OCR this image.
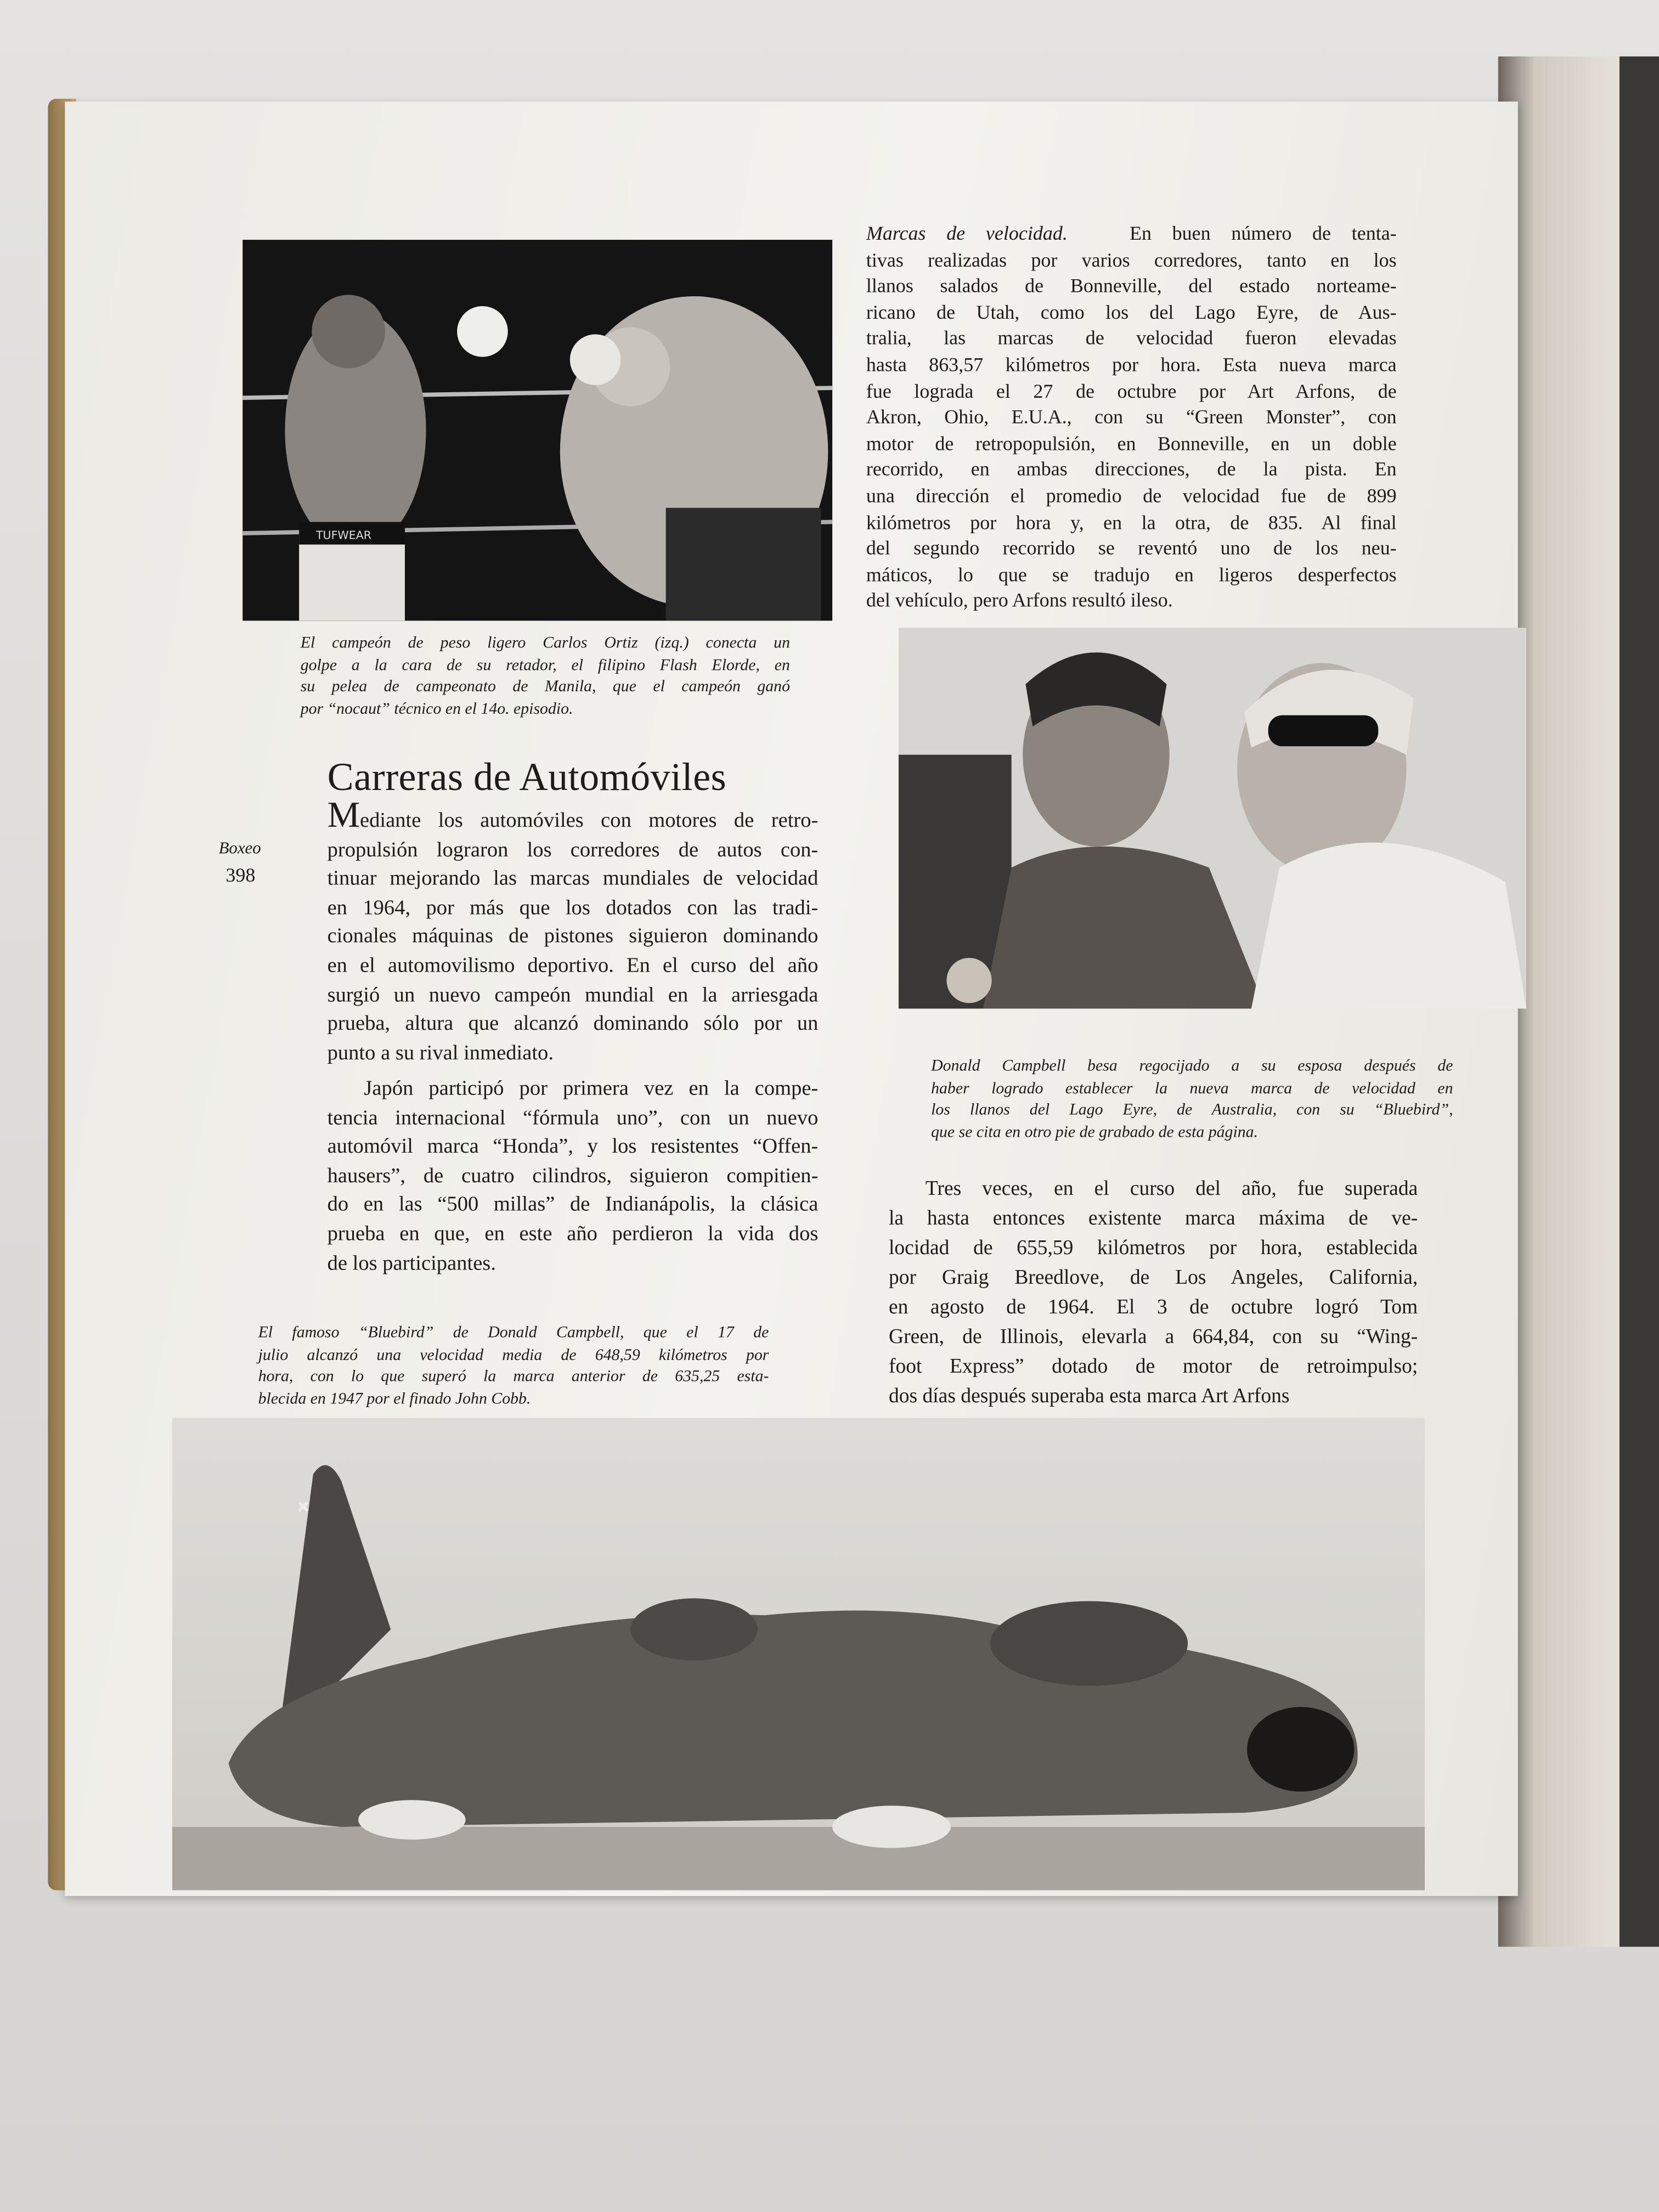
TUFWEAR
El campeón de peso ligero Carlos Ortiz (izq.) conecta un
golpe a la cara de su retador, el filipino Flash Elorde, en
su pelea de campeonato de Manila, que el campeón ganó
por “nocaut” técnico en el 14o. episodio.
Boxeo
398
Carreras de Automóviles
Mediante los automóviles con motores de retro-
propulsión lograron los corredores de autos con-
tinuar mejorando las marcas mundiales de velocidad
en 1964, por más que los dotados con las tradi-
cionales máquinas de pistones siguieron dominando
en el automovilismo deportivo. En el curso del año
surgió un nuevo campeón mundial en la arriesgada
prueba, altura que alcanzó dominando sólo por un
punto a su rival inmediato.
Japón participó por primera vez en la compe-
tencia internacional “fórmula uno”, con un nuevo
automóvil marca “Honda”, y los resistentes “Offen-
hausers”, de cuatro cilindros, siguieron compitien-
do en las “500 millas” de Indianápolis, la clásica
prueba en que, en este año perdieron la vida dos
de los participantes.
El famoso “Bluebird” de Donald Campbell, que el 17 de
julio alcanzó una velocidad media de 648,59 kilómetros por
hora, con lo que superó la marca anterior de 635,25 esta-
blecida en 1947 por el finado John Cobb.
Marcas de velocidad.	En buen número de tenta-
tivas realizadas por varios corredores, tanto en los
llanos salados de Bonneville, del estado norteame-
ricano de Utah, como los del Lago Eyre, de Aus-
tralia, las marcas de velocidad fueron elevadas
hasta 863,57 kilómetros por hora. Esta nueva marca
fue lograda el 27 de octubre por Art Arfons, de
Akron, Ohio, E.U.A., con su “Green Monster”, con
motor de retropopulsión, en Bonneville, en un doble
recorrido, en ambas direcciones, de la pista. En
una dirección el promedio de velocidad fue de 899
kilómetros por hora y, en la otra, de 835. Al final
del segundo recorrido se reventó uno de los neu-
máticos, lo que se tradujo en ligeros desperfectos
del vehículo, pero Arfons resultó ileso.
Donald Campbell besa regocijado a su esposa después de
haber logrado establecer la nueva marca de velocidad en
los llanos del Lago Eyre, de Australia, con su “Bluebird”,
que se cita en otro pie de grabado de esta página.
Tres veces, en el curso del año, fue superada
la hasta entonces existente marca máxima de ve-
locidad de 655,59 kilómetros por hora, establecida
por Graig Breedlove, de Los Angeles, California,
en agosto de 1964. El 3 de octubre logró Tom
Green, de Illinois, elevarla a 664,84, con su “Wing-
foot Express” dotado de motor de retroimpulso;
dos días después superaba esta marca Art Arfons
